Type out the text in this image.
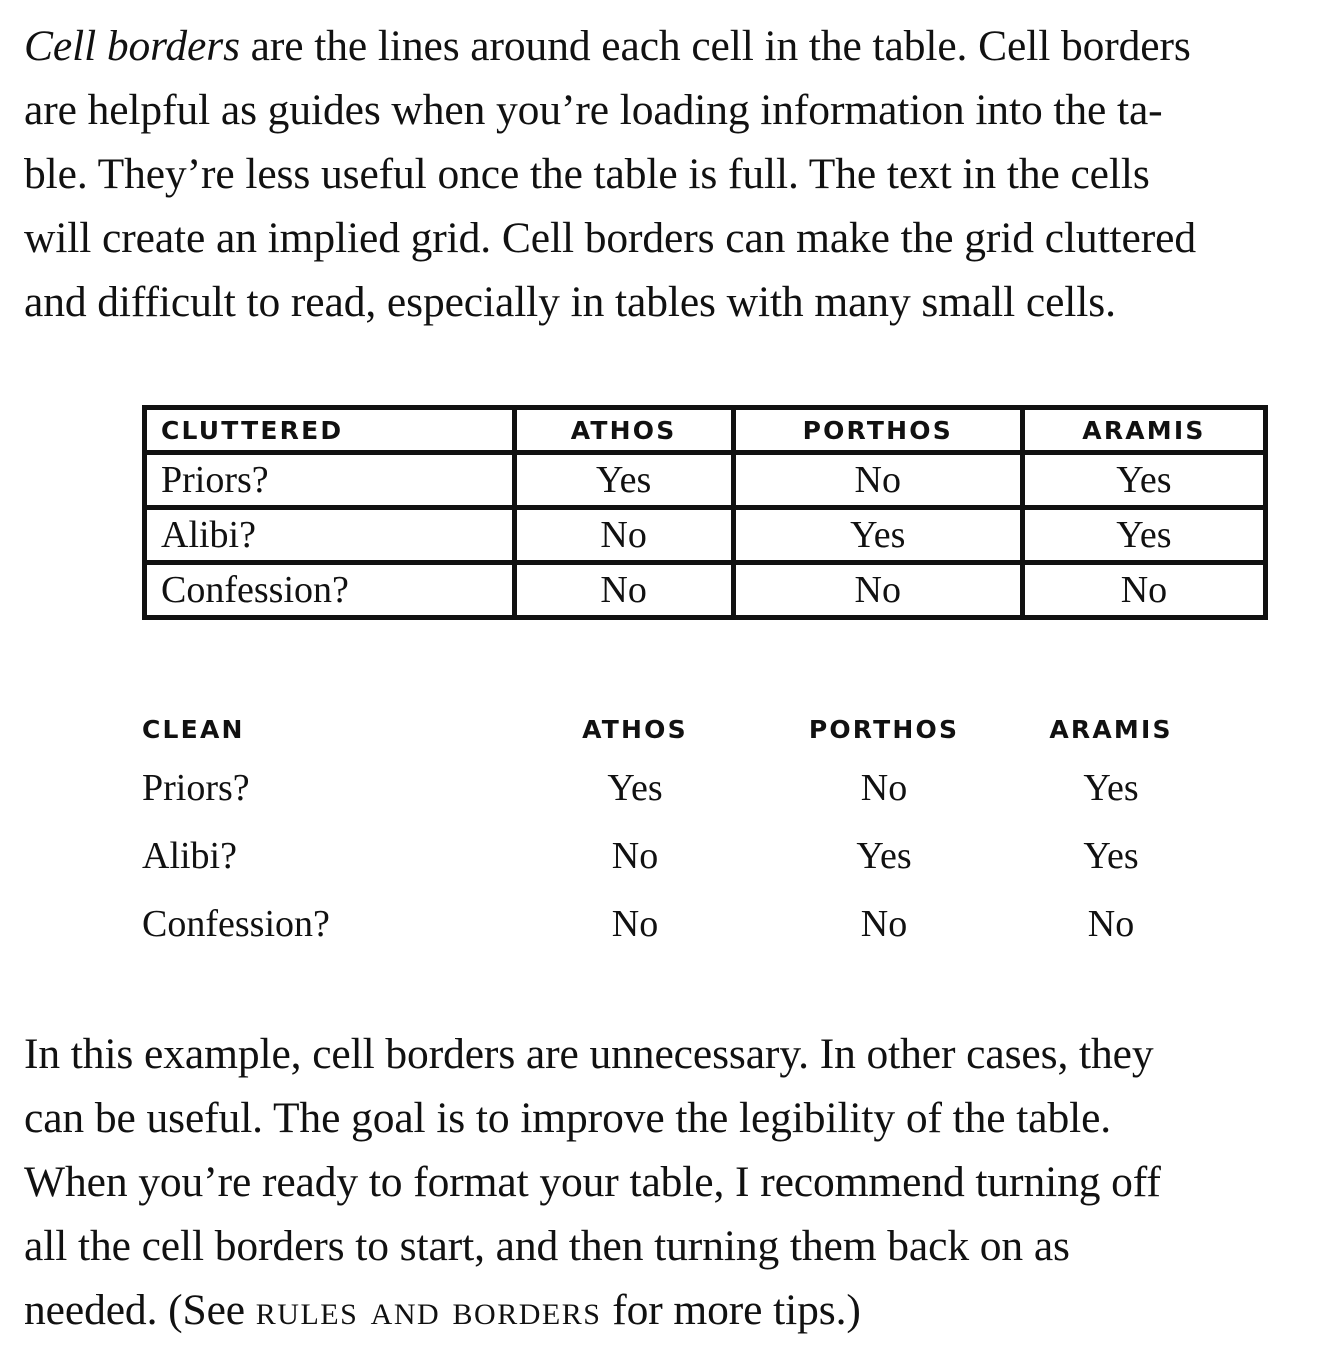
Cell borders are the lines around each cell in the table. Cell borders
are helpful as guides when you’re loading information into the ta-
ble. They’re less useful once the table is full. The text in the cells
will create an implied grid. Cell borders can make the grid cluttered
and difficult to read, especially in tables with many small cells.

CLUTTERED	ATHOS	PORTHOS	ARAMIS
Priors?	Yes	No	Yes
Alibi?	No	Yes	Yes
Confession?	No	No	No
CLEAN	ATHOS	PORTHOS	ARAMIS
Priors?	Yes	No	Yes
Alibi?	No	Yes	Yes
Confession?	No	No	No

In this example, cell borders are unnecessary. In other cases, they
can be useful. The goal is to improve the legibility of the table.
When you’re ready to format your table, I recommend turning off
all the cell borders to start, and then turning them back on as
needed. (See rules and borders for more tips.)
